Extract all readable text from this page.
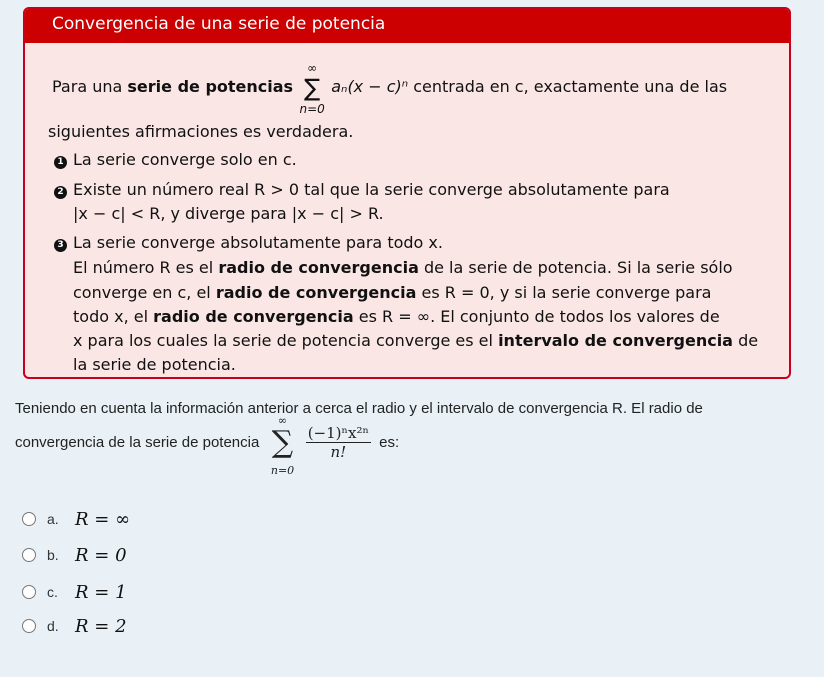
Convergencia de una serie de potencia
Para una serie de potencias
∞
∑
n=0
aₙ(x − c)ⁿ centrada en c, exactamente una de las
siguientes afirmaciones es verdadera.
1 La serie converge solo en c.
2 Existe un número real R > 0 tal que la serie converge absolutamente para
|x − c| < R, y diverge para |x − c| > R.
3 La serie converge absolutamente para todo x.
El número R es el radio de convergencia de la serie de potencia. Si la serie sólo
converge en c, el radio de convergencia es R = 0, y si la serie converge para
todo x, el radio de convergencia es R = ∞. El conjunto de todos los valores de
x para los cuales la serie de potencia converge es el intervalo de convergencia de
la serie de potencia.
Teniendo en cuenta la información anterior a cerca el radio y el intervalo de convergencia R. El radio de
convergencia de la serie de potencia
∞
∑
n=0

$\frac{\text{(−1)ⁿx²ⁿ}}{n!}$ es:
a. R = ∞
b. R = 0
c. R = 1
d. R = 2
